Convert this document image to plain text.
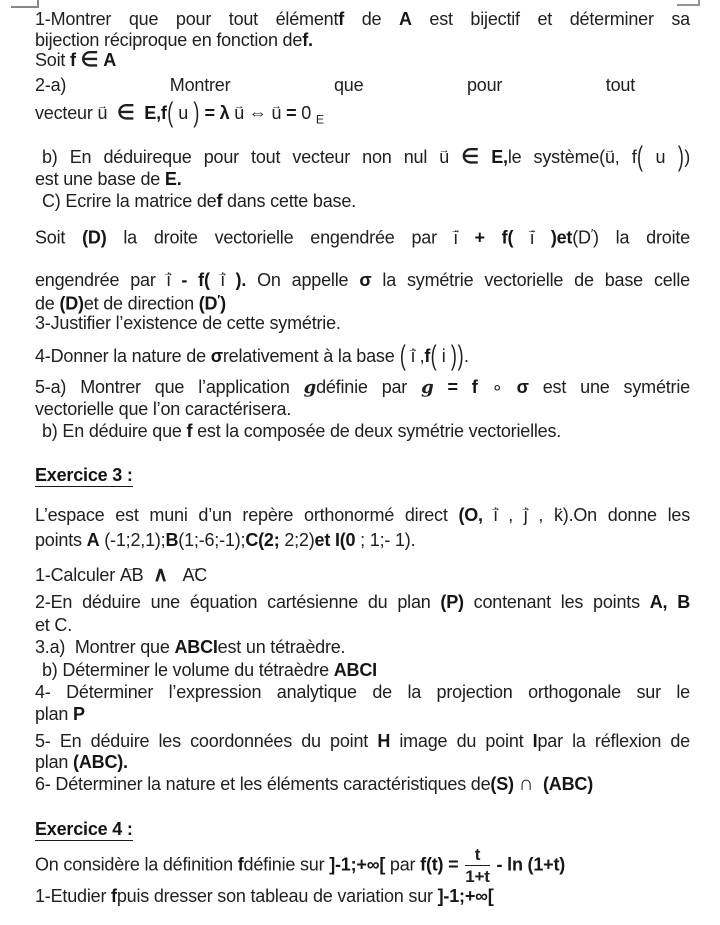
1-Montrer que pour tout élémentf de A est bijectif et déterminer sa
bijection réciproque en fonction def.
Soit f ∈ A
2-a) Montrer que pour tout
vecteur → u ∈ E,f( u ) = λ → u ⇔ → u = → 0 $_E$
b) En déduireque pour tout vecteur non nul → u ∈ E,le système(→ u, f( u ))
est une base de E.
C) Ecrire la matrice def dans cette base.
Soit (D) la droite vectorielle engendrée par → i + f( → i )et(D′) la droite
engendrée par → i - f( → i ). On appelle σ la symétrie vectorielle de base celle
de (D)et de direction (D′)
3-Justifier l’existence de cette symétrie.
4-Donner la nature de σrelativement à la base ( → i ,f( i )).
5-a) Montrer que l’application gdéfinie par g = f ∘ σ est une symétrie
vectorielle que l’on caractérisera.
b) En déduire que f est la composée de deux symétrie vectorielles.
Exercice 3 :
L’espace est muni d’un repère orthonormé direct (O, → i , → j , → k).On donne les
points A (-1;2,1);B(1;-6;-1);C(2; 2;2)et I(0 ; 1;- 1).
1-Calculer → AB ∧ → AC
2-En déduire une équation cartésienne du plan (P) contenant les points A, B
et C.
3.a)  Montrer que ABCIest un tétraèdre.
b) Déterminer le volume du tétraèdre ABCI
4- Déterminer l’expression analytique de la projection orthogonale sur le
plan P
5- En déduire les coordonnées du point H image du point Ipar la réflexion de
plan (ABC).
6- Déterminer la nature et les éléments caractéristiques de(S) ∩ (ABC)
Exercice 4 :
On considère la définition fdéfinie sur ]-1;+∞[ par $f(t) = \frac{t}{1+t} - \ln (1+t)$
1-Etudier fpuis dresser son tableau de variation sur ]-1;+∞[
